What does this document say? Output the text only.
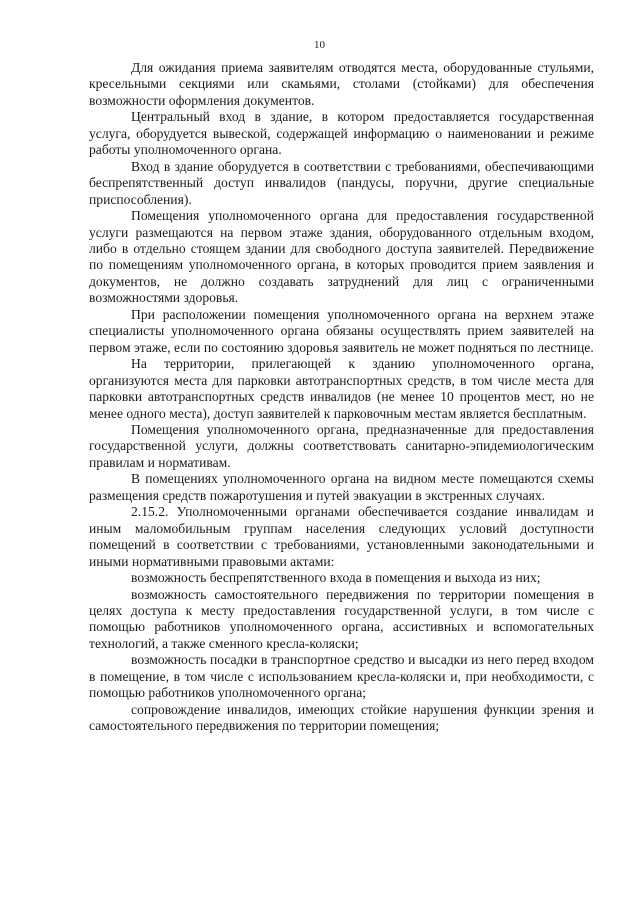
10

Для ожидания приема заявителям отводятся места, оборудованные стульями, кресельными секциями или скамьями, столами (стойками) для обеспечения возможности оформления документов.

Центральный вход в здание, в котором предоставляется государственная услуга, оборудуется вывеской, содержащей информацию о наименовании и режиме работы уполномоченного органа.

Вход в здание оборудуется в соответствии с требованиями, обеспечивающими беспрепятственный доступ инвалидов (пандусы, поручни, другие специальные приспособления).

Помещения уполномоченного органа для предоставления государственной услуги размещаются на первом этаже здания, оборудованного отдельным входом, либо в отдельно стоящем здании для свободного доступа заявителей. Передвижение по помещениям уполномоченного органа, в которых проводится прием заявления и документов, не должно создавать затруднений для лиц с ограниченными возможностями здоровья.

При расположении помещения уполномоченного органа на верхнем этаже специалисты уполномоченного органа обязаны осуществлять прием заявителей на первом этаже, если по состоянию здоровья заявитель не может подняться по лестнице.

На территории, прилегающей к зданию уполномоченного органа, организуются места для парковки автотранспортных средств, в том числе места для парковки автотранспортных средств инвалидов (не менее 10 процентов мест, но не менее одного места), доступ заявителей к парковочным местам является бесплатным.

Помещения уполномоченного органа, предназначенные для предоставления государственной услуги, должны соответствовать санитарно-эпидемиологическим правилам и нормативам.

В помещениях уполномоченного органа на видном месте помещаются схемы размещения средств пожаротушения и путей эвакуации в экстренных случаях.

2.15.2. Уполномоченными органами обеспечивается создание инвалидам и иным маломобильным группам населения следующих условий доступности помещений в соответствии с требованиями, установленными законодательными и иными нормативными правовыми актами:

возможность беспрепятственного входа в помещения и выхода из них;

возможность самостоятельного передвижения по территории помещения в целях доступа к месту предоставления государственной услуги, в том числе с помощью работников уполномоченного органа, ассистивных и вспомогательных технологий, а также сменного кресла-коляски;

возможность посадки в транспортное средство и высадки из него перед входом в помещение, в том числе с использованием кресла-коляски и, при необходимости, с помощью работников уполномоченного органа;

сопровождение инвалидов, имеющих стойкие нарушения функции зрения и самостоятельного передвижения по территории помещения;
